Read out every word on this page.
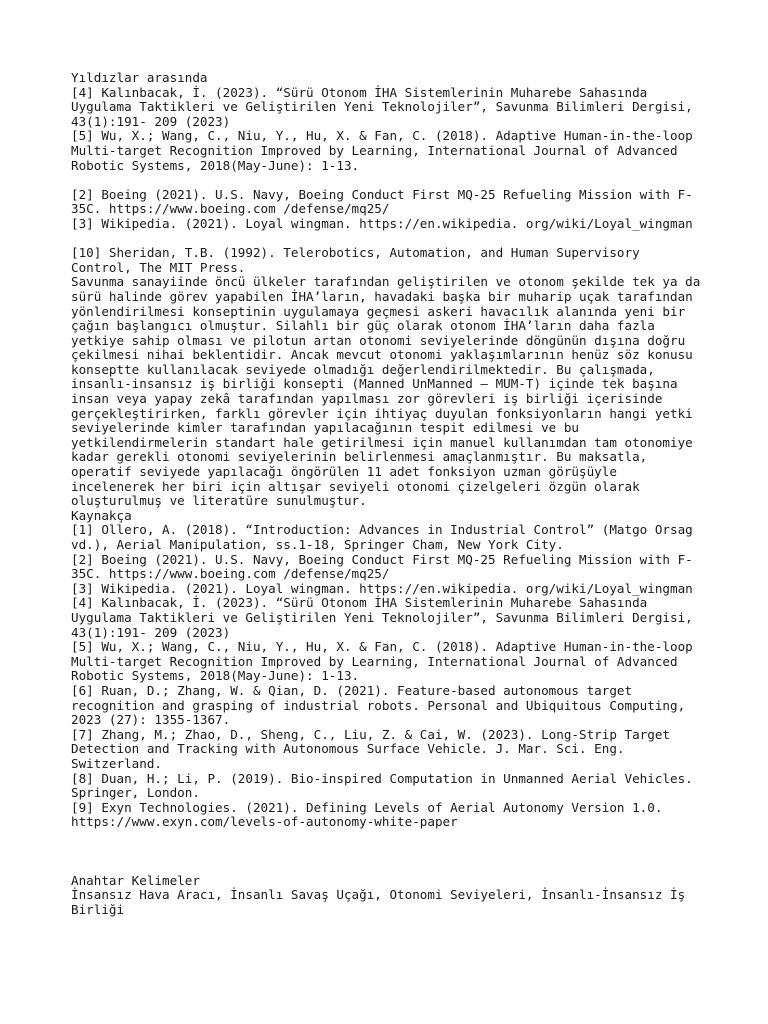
Yıldızlar arasında
[4] Kalınbacak, İ. (2023). “Sürü Otonom İHA Sistemlerinin Muharebe Sahasında
Uygulama Taktikleri ve Geliştirilen Yeni Teknolojiler”, Savunma Bilimleri Dergisi,
43(1):191- 209 (2023)
[5] Wu, X.; Wang, C., Niu, Y., Hu, X. & Fan, C. (2018). Adaptive Human-in-the-loop
Multi-target Recognition Improved by Learning, International Journal of Advanced
Robotic Systems, 2018(May-June): 1-13.
[2] Boeing (2021). U.S. Navy, Boeing Conduct First MQ-25 Refueling Mission with F-
35C. https://www.boeing.com /defense/mq25/
[3] Wikipedia. (2021). Loyal wingman. https://en.wikipedia. org/wiki/Loyal_wingman
[10] Sheridan, T.B. (1992). Telerobotics, Automation, and Human Supervisory
Control, The MIT Press.
Savunma sanayiinde öncü ülkeler tarafından geliştirilen ve otonom şekilde tek ya da
sürü halinde görev yapabilen İHA’ların, havadaki başka bir muharip uçak tarafından
yönlendirilmesi konseptinin uygulamaya geçmesi askeri havacılık alanında yeni bir
çağın başlangıcı olmuştur. Silahlı bir güç olarak otonom İHA’ların daha fazla
yetkiye sahip olması ve pilotun artan otonomi seviyelerinde döngünün dışına doğru
çekilmesi nihai beklentidir. Ancak mevcut otonomi yaklaşımlarının henüz söz konusu
konseptte kullanılacak seviyede olmadığı değerlendirilmektedir. Bu çalışmada,
insanlı-insansız iş birliği konsepti (Manned UnManned – MUM-T) içinde tek başına
insan veya yapay zekâ tarafından yapılması zor görevleri iş birliği içerisinde
gerçekleştirirken, farklı görevler için ihtiyaç duyulan fonksiyonların hangi yetki
seviyelerinde kimler tarafından yapılacağının tespit edilmesi ve bu
yetkilendirmelerin standart hale getirilmesi için manuel kullanımdan tam otonomiye
kadar gerekli otonomi seviyelerinin belirlenmesi amaçlanmıştır. Bu maksatla,
operatif seviyede yapılacağı öngörülen 11 adet fonksiyon uzman görüşüyle
incelenerek her biri için altışar seviyeli otonomi çizelgeleri özgün olarak
oluşturulmuş ve literatüre sunulmuştur.
Kaynakça
[1] Ollero, A. (2018). “Introduction: Advances in Industrial Control” (Matgo Orsag
vd.), Aerial Manipulation, ss.1-18, Springer Cham, New York City.
[2] Boeing (2021). U.S. Navy, Boeing Conduct First MQ-25 Refueling Mission with F-
35C. https://www.boeing.com /defense/mq25/
[3] Wikipedia. (2021). Loyal wingman. https://en.wikipedia. org/wiki/Loyal_wingman
[4] Kalınbacak, İ. (2023). “Sürü Otonom İHA Sistemlerinin Muharebe Sahasında
Uygulama Taktikleri ve Geliştirilen Yeni Teknolojiler”, Savunma Bilimleri Dergisi,
43(1):191- 209 (2023)
[5] Wu, X.; Wang, C., Niu, Y., Hu, X. & Fan, C. (2018). Adaptive Human-in-the-loop
Multi-target Recognition Improved by Learning, International Journal of Advanced
Robotic Systems, 2018(May-June): 1-13.
[6] Ruan, D.; Zhang, W. & Qian, D. (2021). Feature-based autonomous target
recognition and grasping of industrial robots. Personal and Ubiquitous Computing,
2023 (27): 1355-1367.
[7] Zhang, M.; Zhao, D., Sheng, C., Liu, Z. & Cai, W. (2023). Long-Strip Target
Detection and Tracking with Autonomous Surface Vehicle. J. Mar. Sci. Eng.
Switzerland.
[8] Duan, H.; Li, P. (2019). Bio-inspired Computation in Unmanned Aerial Vehicles.
Springer, London.
[9] Exyn Technologies. (2021). Defining Levels of Aerial Autonomy Version 1.0.
https://www.exyn.com/levels-of-autonomy-white-paper
Anahtar Kelimeler
İnsansız Hava Aracı, İnsanlı Savaş Uçağı, Otonomi Seviyeleri, İnsanlı-İnsansız İş
Birliği
